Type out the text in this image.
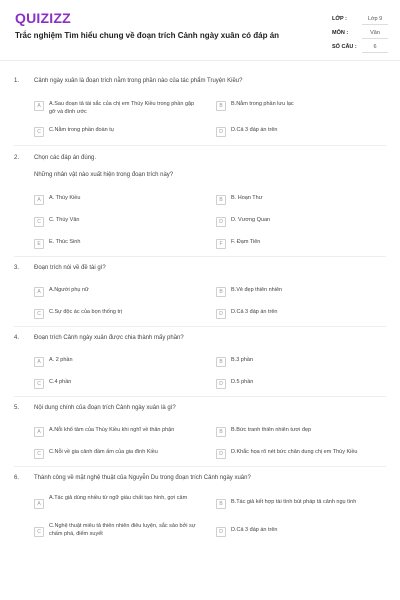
QUIZIZZ
Trắc nghiệm Tìm hiểu chung về đoạn trích Cảnh ngày xuân có đáp án
LỚP :	Lớp 9
MÔN :	Văn
SỐ CÂU :	6
1. Cảnh ngày xuân là đoạn trích nằm trong phần nào của tác phẩm Truyện Kiều?
A	A.Sau đoạn tả tài sắc của chị em Thúy Kiều trong phần gặp gỡ và đính ước
B	B.Nằm trong phần lưu lạc
C	C.Nằm trong phần đoàn tụ	D	D.Cả 3 đáp án trên
2. Chọn các đáp án đúng.
Những nhân vật nào xuất hiện trong đoạn trích này?
A	A. Thúy Kiều	B	B. Hoạn Thư
C	C. Thúy Vân	D	D. Vương Quan
E	E. Thúc Sinh	F	F. Đạm Tiên
3. Đoạn trích nói về đề tài gì?
A	A.Người phụ nữ	B	B.Vẻ đẹp thiên nhiên
C	C.Sự độc ác của bọn thống trị	D	D.Cả 3 đáp án trên
4. Đoạn trích Cảnh ngày xuân được chia thành mấy phần?
A	A. 2 phần	B	B.3 phần
C	C.4 phần	D	D.5 phần
5. Nội dung chính của đoạn trích Cảnh ngày xuân là gì?
A	A.Nỗi khổ tâm của Thúy Kiều khi nghĩ về thân phận	B	B.Bức tranh thiên nhiên tươi đẹp
C	C.Nỗi về gia cảnh đầm ấm của gia đình Kiều	D	D.Khắc họa rõ nét bức chân dung chị em Thúy Kiều
6. Thành công về mặt nghệ thuật của Nguyễn Du trong đoạn trích Cảnh ngày xuân?
A
A.Tác giả dùng nhiều từ ngữ giàu chất tạo hình, gợi cảm
B	B.Tác giả kết hợp tài tình bút pháp tả cảnh ngụ tình
C
C.Nghệ thuật miêu tả thiên nhiên điêu luyện, sắc sảo bởi sự chấm phá, điểm xuyết	D	D.Cả 3 đáp án trên
